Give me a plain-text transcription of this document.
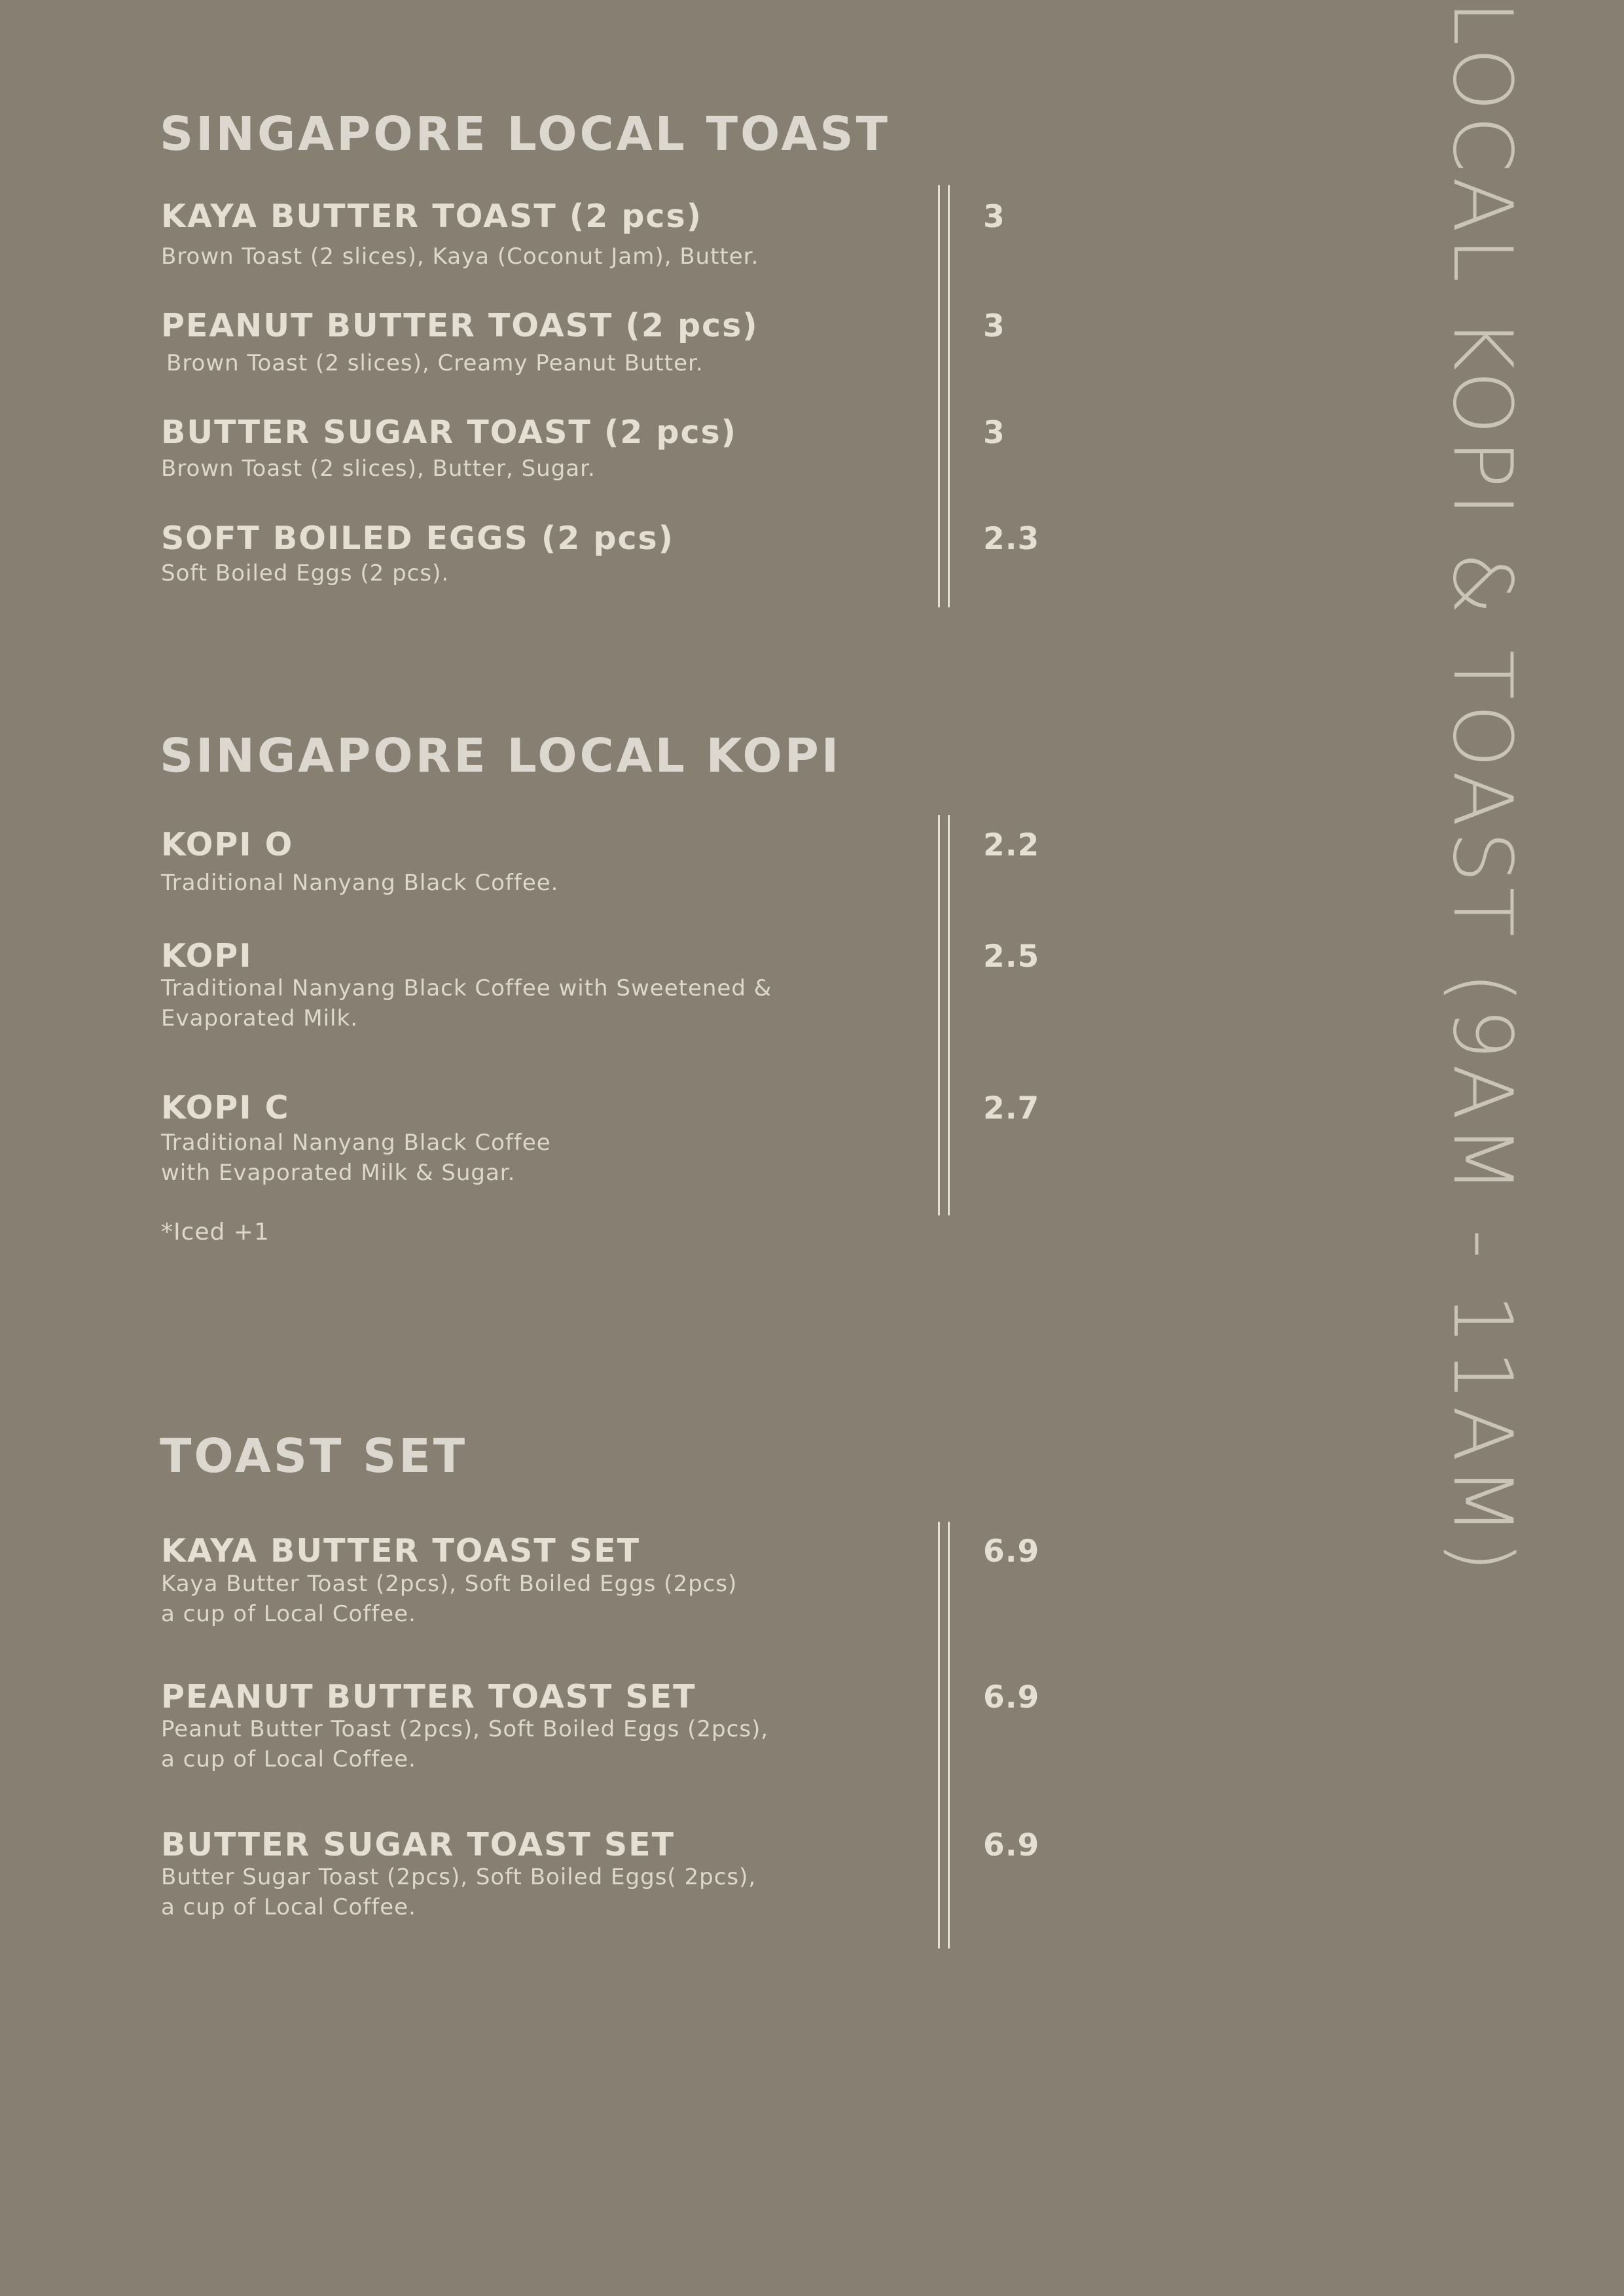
SINGAPORE LOCAL TOAST
KAYA BUTTER TOAST (2 pcs)
Brown Toast (2 slices), Kaya (Coconut Jam), Butter.
3
PEANUT BUTTER TOAST (2 pcs)
Brown Toast (2 slices), Creamy Peanut Butter.
3
BUTTER SUGAR TOAST (2 pcs)
Brown Toast (2 slices), Butter, Sugar.
3
SOFT BOILED EGGS (2 pcs)
Soft Boiled Eggs (2 pcs).
2.3
SINGAPORE LOCAL KOPI
KOPI O
Traditional Nanyang Black Coffee.
2.2
KOPI
Traditional Nanyang Black Coffee with Sweetened &
Evaporated Milk.
2.5
KOPI C
Traditional Nanyang Black Coffee
with Evaporated Milk & Sugar.
2.7
*Iced +1
TOAST SET
KAYA BUTTER TOAST SET
Kaya Butter Toast (2pcs), Soft Boiled Eggs (2pcs)
a cup of Local Coffee.
6.9
PEANUT BUTTER TOAST SET
Peanut Butter Toast (2pcs), Soft Boiled Eggs (2pcs),
a cup of Local Coffee.
6.9
BUTTER SUGAR TOAST SET
Butter Sugar Toast (2pcs), Soft Boiled Eggs( 2pcs),
a cup of Local Coffee.
6.9
LOCAL KOPI & TOAST (9AM - 11AM)
